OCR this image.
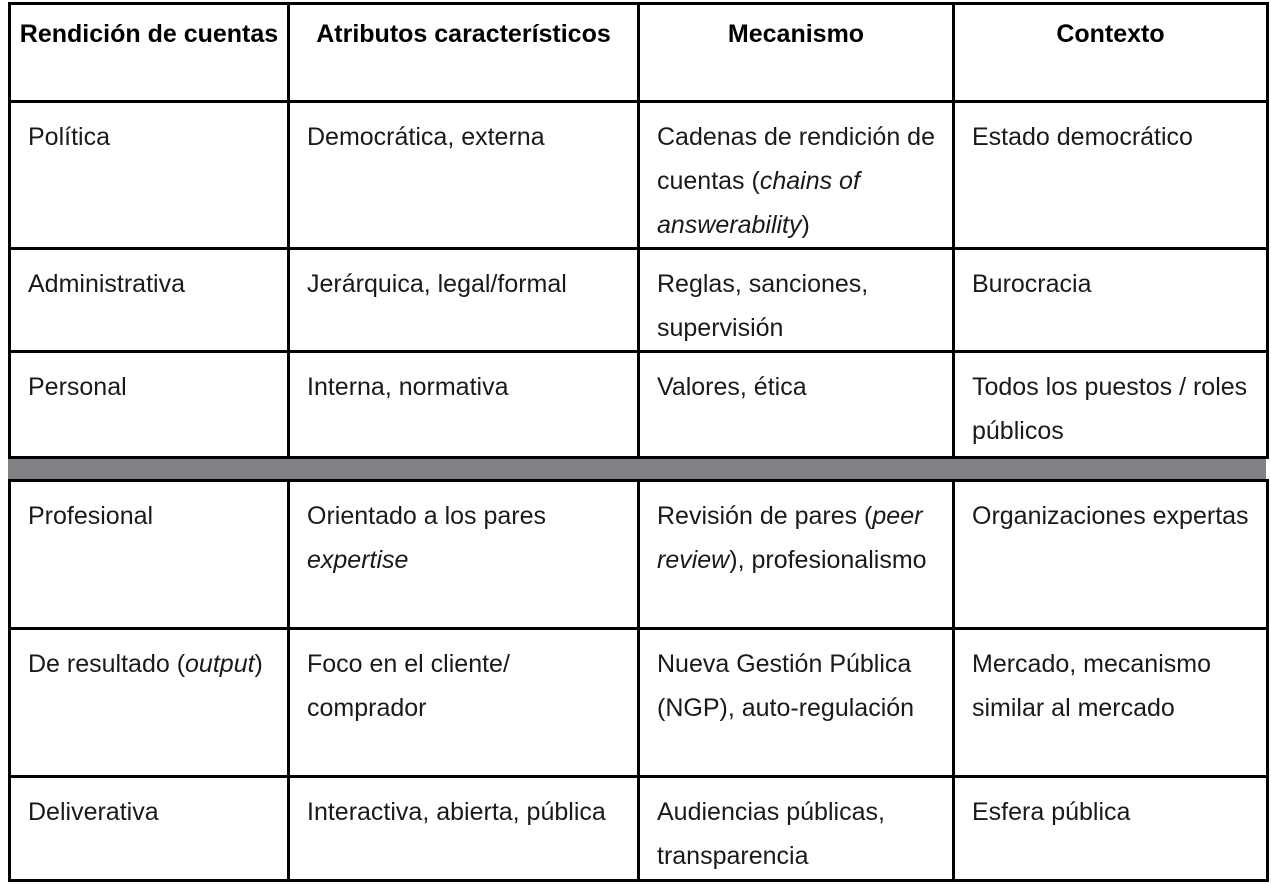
Rendición de cuentas	Atributos característicos	Mecanismo	Contexto
Política	Democrática, externa	Cadenas de rendición de cuentas (chains of answerability)	Estado democrático
Administrativa	Jerárquica, legal/formal	Reglas, sanciones, supervisión	Burocracia
Personal	Interna, normativa	Valores, ética	Todos los puestos / roles públicos
Profesional	Orientado a los pares expertise	Revisión de pares (peer review), profesionalismo	Organizaciones expertas
De resultado (output)	Foco en el cliente/ comprador	Nueva Gestión Pública (NGP), auto-regulación	Mercado, mecanismo similar al mercado
Deliverativa	Interactiva, abierta, pública	Audiencias públicas, transparencia	Esfera pública
